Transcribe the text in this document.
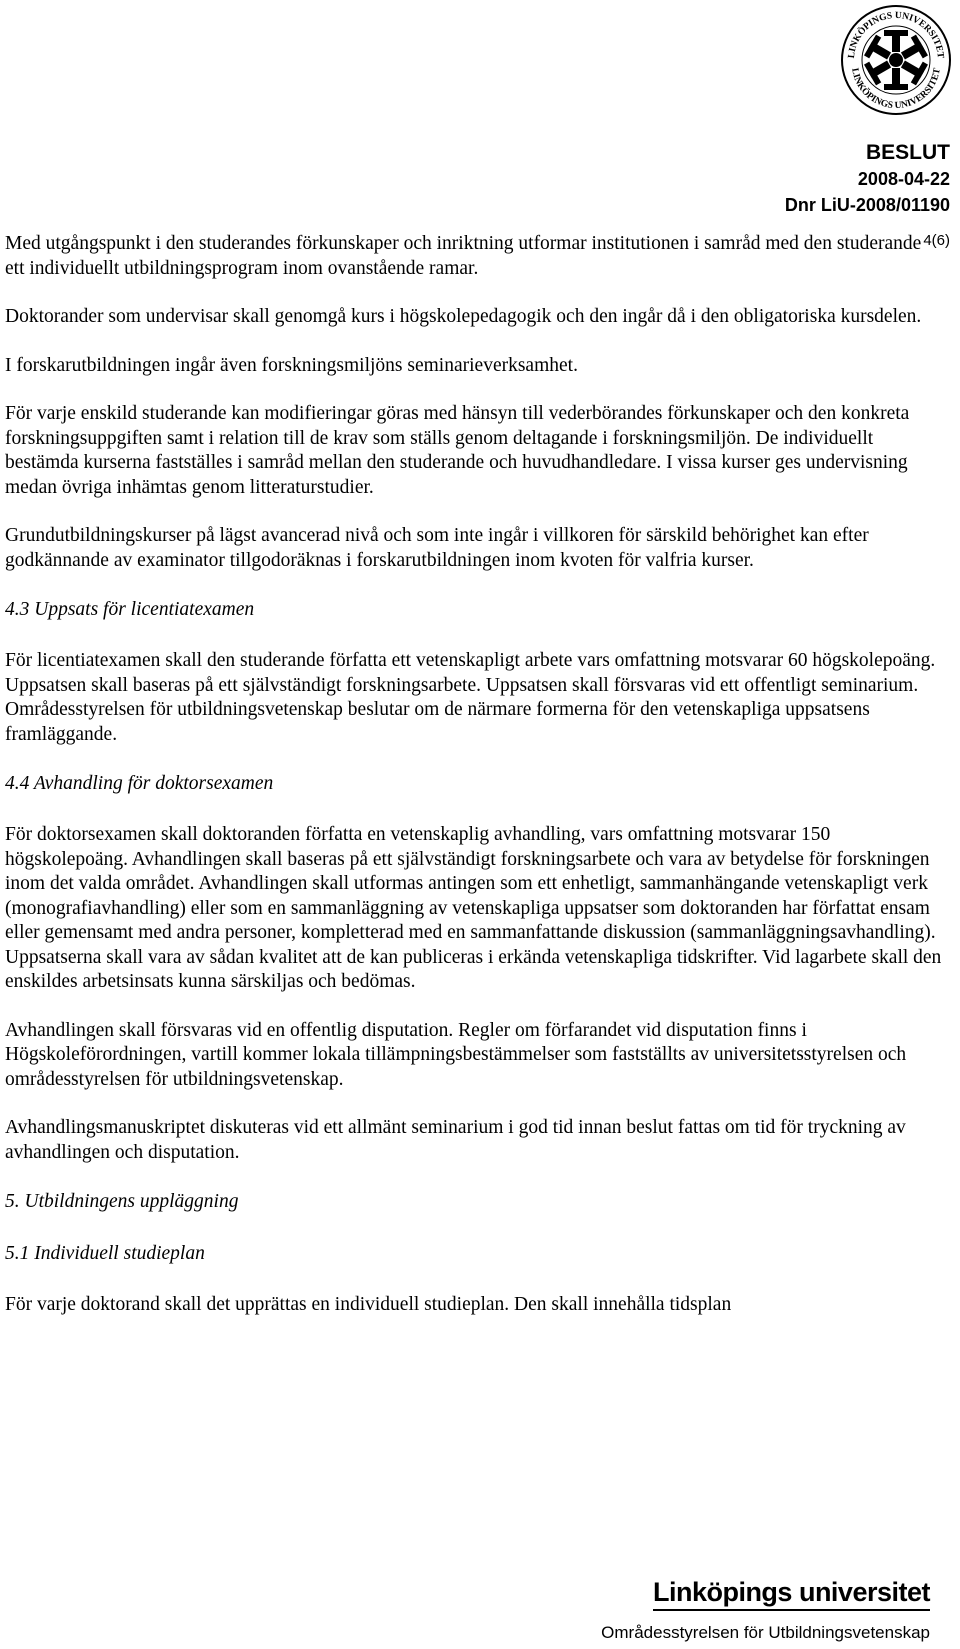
LINKÖPINGS UNIVERSITET
LINKÖPINGS UNIVERSITET
BESLUT
2008-04-22
Dnr LiU-2008/01190
4(6)

Med utgångspunkt i den studerandes förkunskaper och inriktning utformar institutionen i samråd med den studerande ett individuellt utbildningsprogram inom ovanstående ramar.

Doktorander som undervisar skall genomgå kurs i högskolepedagogik och den ingår då i den obligatoriska kursdelen.

I forskarutbildningen ingår även forskningsmiljöns seminarieverksamhet.

För varje enskild studerande kan modifieringar göras med hänsyn till vederbörandes förkunskaper och den konkreta forskningsuppgiften samt i relation till de krav som ställs genom deltagande i forskningsmiljön. De individuellt bestämda kurserna fastställes i samråd mellan den studerande och huvudhandledare. I vissa kurser ges undervisning medan övriga inhämtas genom litteraturstudier.

Grundutbildningskurser på lägst avancerad nivå och som inte ingår i villkoren för särskild behörighet kan efter godkännande av examinator tillgodoräknas i forskarutbildningen inom kvoten för valfria kurser.

4.3 Uppsats för licentiatexamen

För licentiatexamen skall den studerande författa ett vetenskapligt arbete vars omfattning motsvarar 60 högskolepoäng. Uppsatsen skall baseras på ett självständigt forskningsarbete. Uppsatsen skall försvaras vid ett offentligt seminarium. Områdesstyrelsen för utbildningsvetenskap beslutar om de närmare formerna för den vetenskapliga uppsatsens framläggande.

4.4 Avhandling för doktorsexamen

För doktorsexamen skall doktoranden författa en vetenskaplig avhandling, vars omfattning motsvarar 150 högskolepoäng. Avhandlingen skall baseras på ett självständigt forskningsarbete och vara av betydelse för forskningen inom det valda området. Avhandlingen skall utformas antingen som ett enhetligt, sammanhängande vetenskapligt verk (monografiavhandling) eller som en sammanläggning av vetenskapliga uppsatser som doktoranden har författat ensam eller gemensamt med andra personer, kompletterad med en sammanfattande diskussion (sammanläggningsavhandling). Uppsatserna skall vara av sådan kvalitet att de kan publiceras i erkända vetenskapliga tidskrifter. Vid lagarbete skall den enskildes arbetsinsats kunna särskiljas och bedömas.

Avhandlingen skall försvaras vid en offentlig disputation. Regler om förfarandet vid disputation finns i Högskoleförordningen, vartill kommer lokala tillämpningsbestämmelser som fastställts av universitetsstyrelsen och områdesstyrelsen för utbildningsvetenskap.

Avhandlingsmanuskriptet diskuteras vid ett allmänt seminarium i god tid innan beslut fattas om tid för tryckning av avhandlingen och disputation.

5. Utbildningens uppläggning
5.1 Individuell studieplan

För varje doktorand skall det upprättas en individuell studieplan. Den skall innehålla tidsplan

Linköpings universitet
Områdesstyrelsen för Utbildningsvetenskap
